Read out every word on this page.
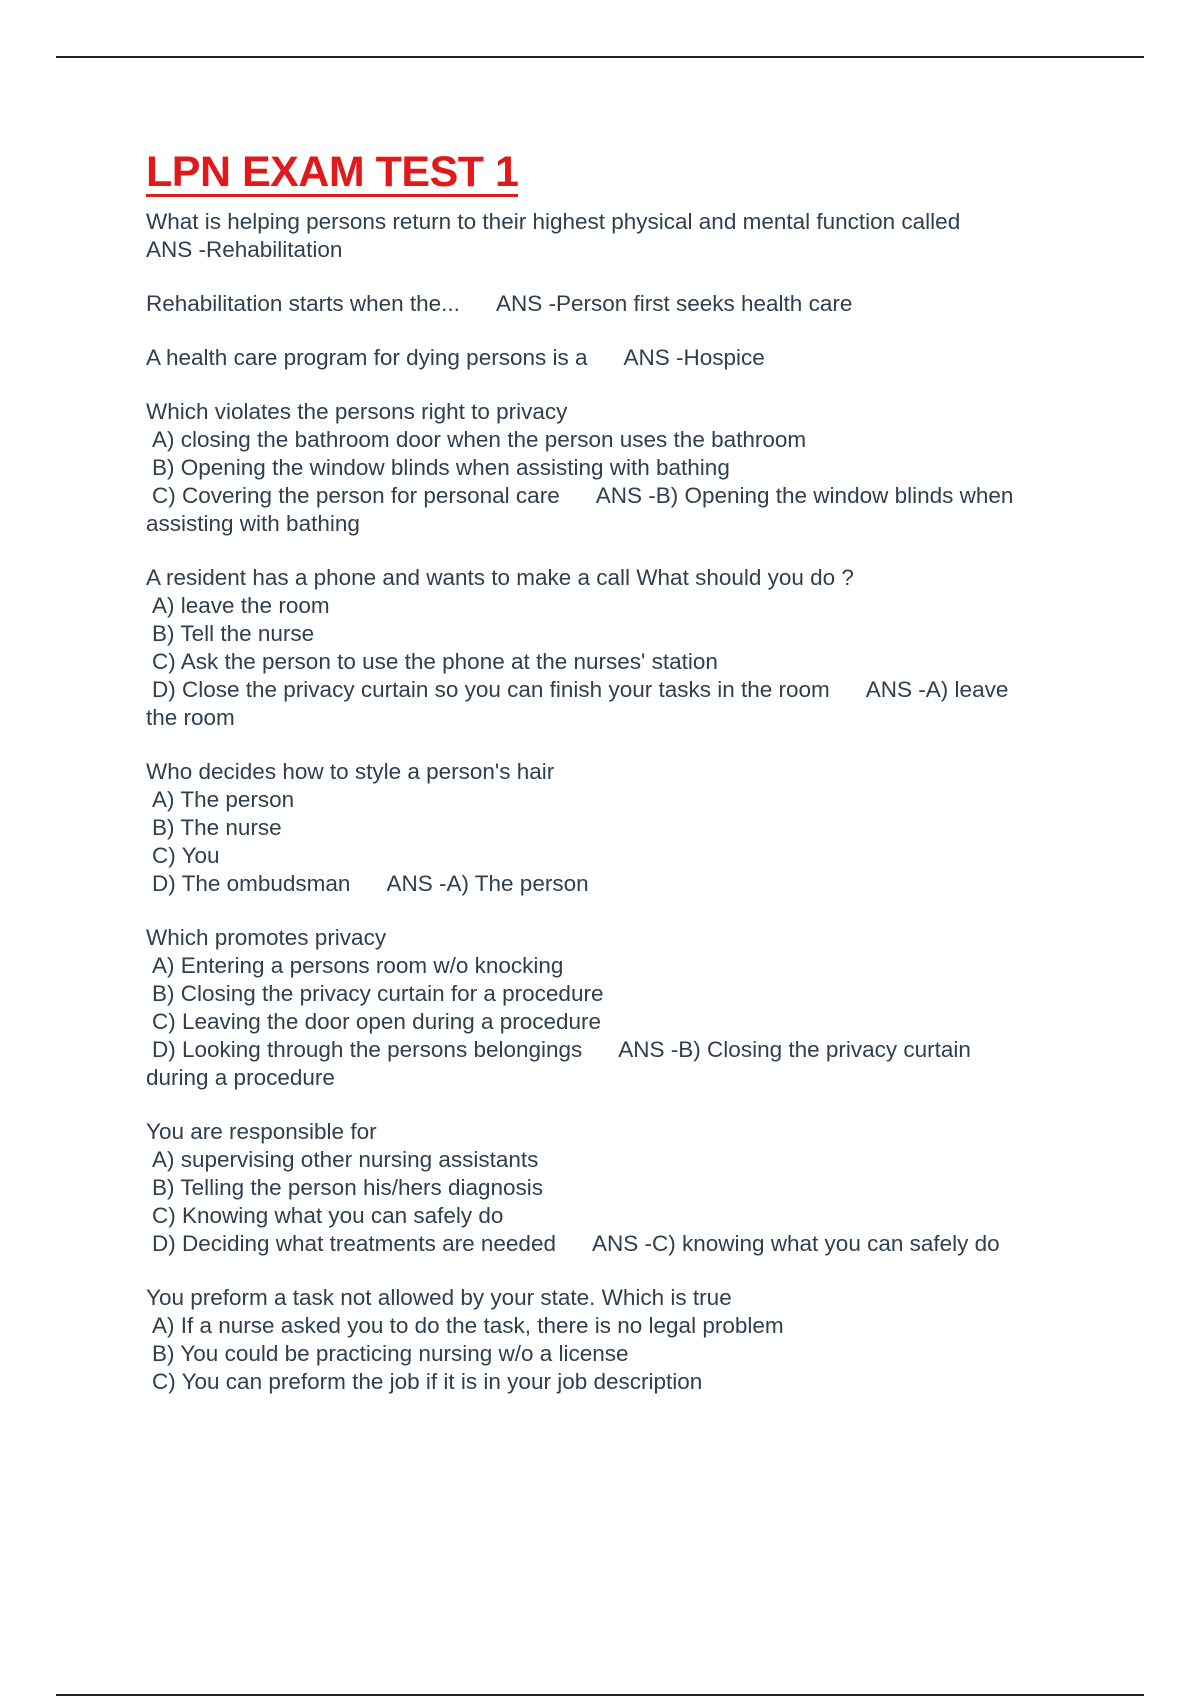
LPN EXAM TEST 1
What is helping persons return to their highest physical and mental function called
ANS -Rehabilitation
Rehabilitation starts when the... ANS -Person first seeks health care
A health care program for dying persons is a ANS -Hospice
Which violates the persons right to privacy
A) closing the bathroom door when the person uses the bathroom
B) Opening the window blinds when assisting with bathing
C) Covering the person for personal care ANS -B) Opening the window blinds when
assisting with bathing
A resident has a phone and wants to make a call What should you do ?
A) leave the room
B) Tell the nurse
C) Ask the person to use the phone at the nurses' station
D) Close the privacy curtain so you can finish your tasks in the room ANS -A) leave
the room
Who decides how to style a person's hair
A) The person
B) The nurse
C) You
D) The ombudsman ANS -A) The person
Which promotes privacy
A) Entering a persons room w/o knocking
B) Closing the privacy curtain for a procedure
C) Leaving the door open during a procedure
D) Looking through the persons belongings ANS -B) Closing the privacy curtain
during a procedure
You are responsible for
A) supervising other nursing assistants
B) Telling the person his/hers diagnosis
C) Knowing what you can safely do
D) Deciding what treatments are needed ANS -C) knowing what you can safely do
You preform a task not allowed by your state. Which is true
A) If a nurse asked you to do the task, there is no legal problem
B) You could be practicing nursing w/o a license
C) You can preform the job if it is in your job description
